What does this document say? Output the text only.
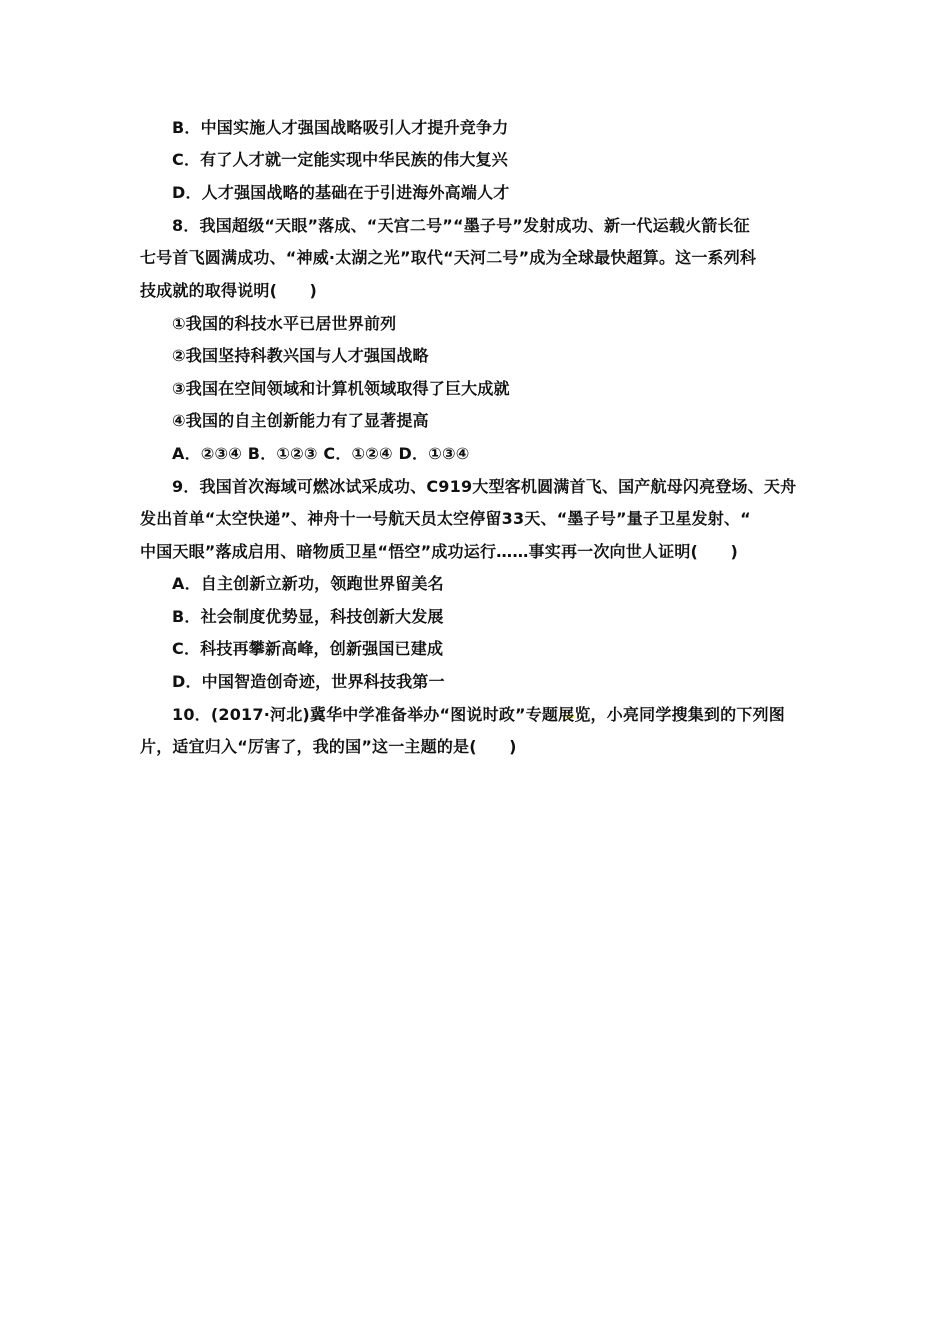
B．中国实施人才强国战略吸引人才提升竞争力
C．有了人才就一定能实现中华民族的伟大复兴
D．人才强国战略的基础在于引进海外高端人才
8．我国超级“天眼”落成、“天宫二号”“墨子号”发射成功、新一代运载火箭长征
七号首飞圆满成功、“神威·太湖之光”取代“天河二号”成为全球最快超算。这一系列科
技成就的取得说明(　　)
①我国的科技水平已居世界前列
②我国坚持科教兴国与人才强国战略
③我国在空间领域和计算机领域取得了巨大成就
④我国的自主创新能力有了显著提高
A．②③④ B．①②③ C．①②④ D．①③④
9．我国首次海域可燃冰试采成功、C919大型客机圆满首飞、国产航母闪亮登场、天舟
发出首单“太空快递”、神舟十一号航天员太空停留33天、“墨子号”量子卫星发射、“
中国天眼”落成启用、暗物质卫星“悟空”成功运行……事实再一次向世人证明(　　)
A．自主创新立新功，领跑世界留美名
B．社会制度优势显，科技创新大发展
C．科技再攀新高峰，创新强国已建成
D．中国智造创奇迹，世界科技我第一
10．(2017·河北)冀华中学准备举办“图说时政”专题展览，小亮同学搜集到的下列图
片，适宜归入“厉害了，我的国”这一主题的是(　　)
